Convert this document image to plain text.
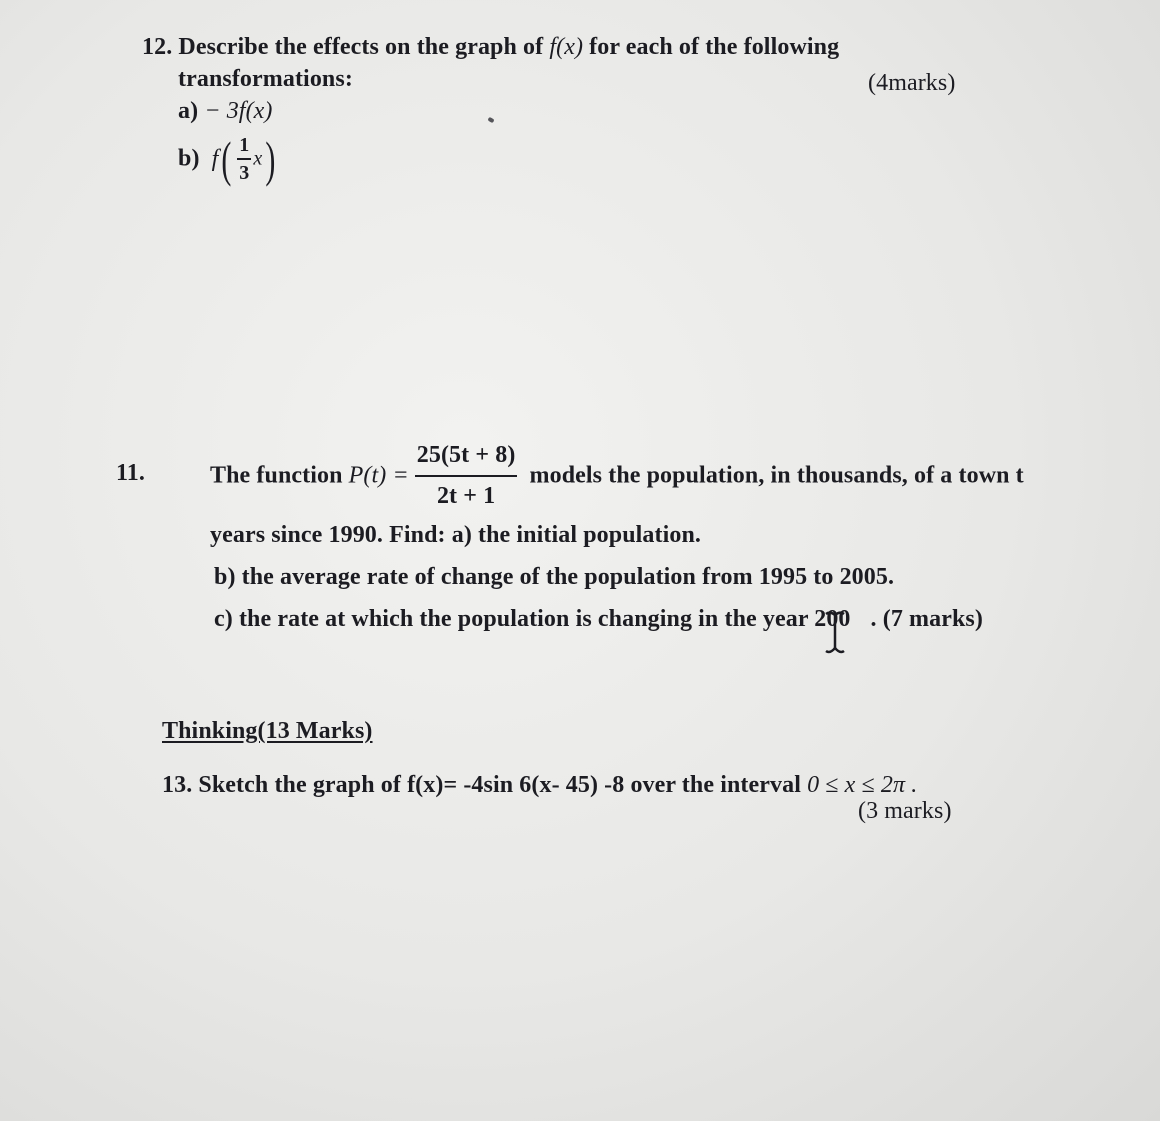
12. Describe the effects on the graph of f(x) for each of the following
transformations:	(4marks)
a) − 3f(x)
b) $f( \frac{1}{3} x)$
11.	The function $P(t) = \frac{25(5t + 8)}{2t + 1}$ models the population, in thousands, of a town t
years since 1990. Find: a) the initial population.
b) the average rate of change of the population from 1995 to 2005.
c) the rate at which the population is changing in the year 200 . (7 marks)
Thinking(13 Marks)
13. Sketch the graph of f(x)= -4sin 6(x- 45) -8 over the interval 0 ≤ x ≤ 2π .
(3 marks)
